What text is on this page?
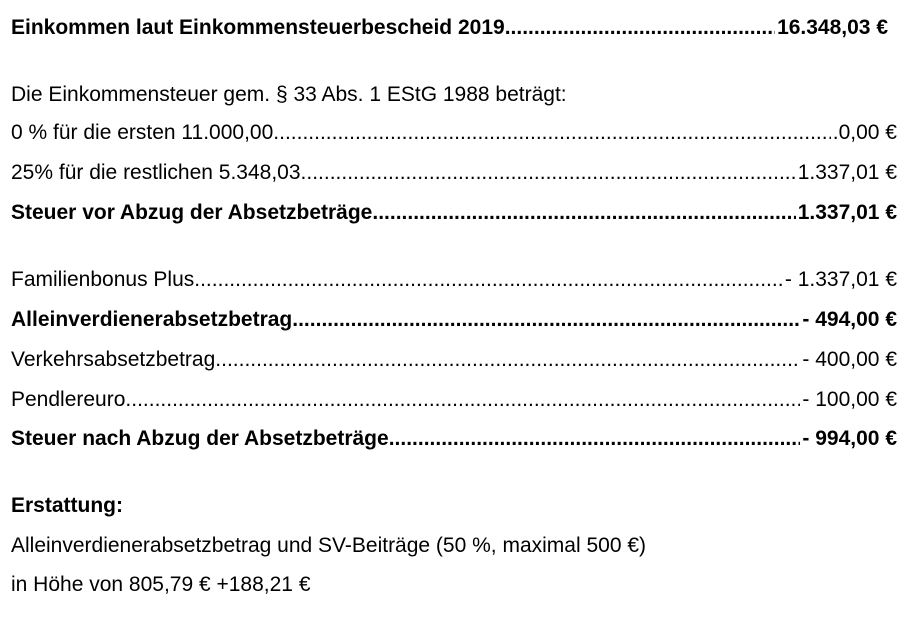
Einkommen laut Einkommensteuerbescheid 2019 .....	16.348,03 €
Die Einkommensteuer gem. § 33 Abs. 1 EStG 1988 beträgt:
0 % für die ersten 11.000,00 .....	.0,00 €
25% für die restlichen 5.348,03 .....	1.337,01 €
Steuer vor Abzug der Absetzbeträge .....	1.337,01 €
Familienbonus Plus .....	- 1.337,01 €
Alleinverdienerabsetzbetrag .....	- 494,00 €
Verkehrsabsetzbetrag .....	- 400,00 €
Pendlereuro .....	- 100,00 €
Steuer nach Abzug der Absetzbeträge .....	- 994,00 €
Erstattung:
Alleinverdienerabsetzbetrag und SV-Beiträge (50 %, maximal 500 €)
in Höhe von 805,79 € +188,21 €
